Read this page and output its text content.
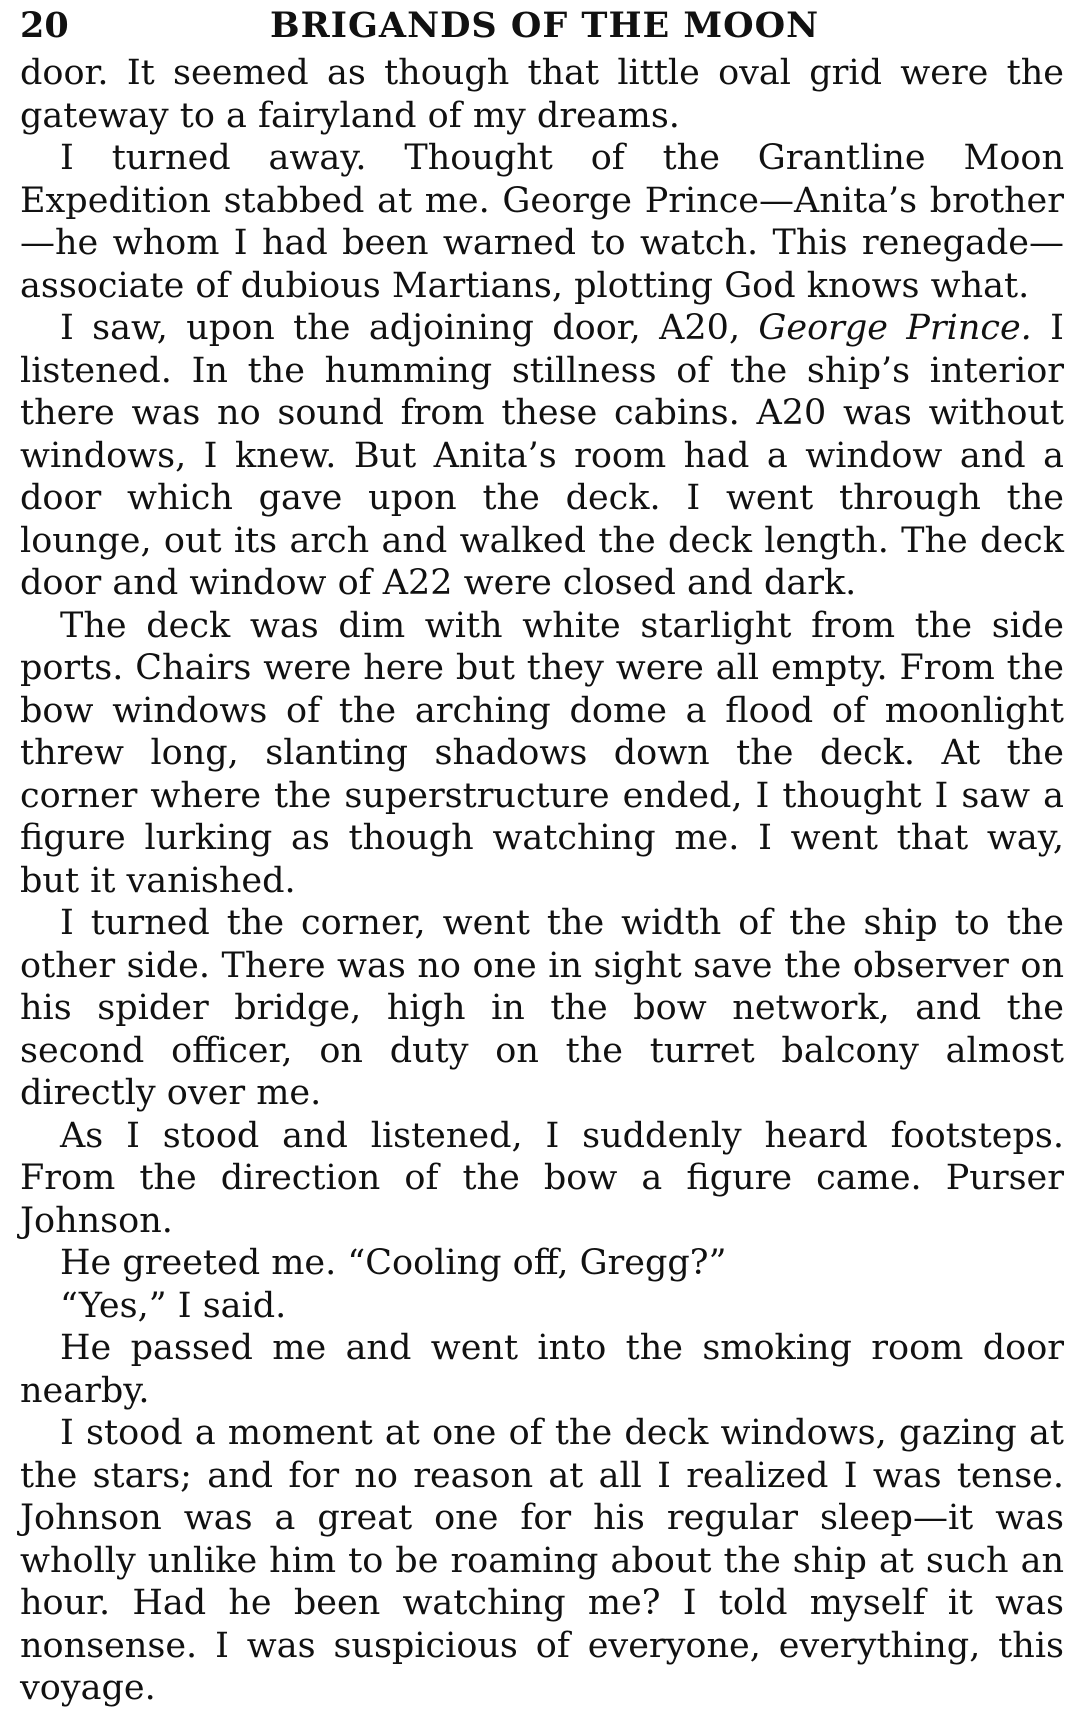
20	BRIGANDS OF THE MOON

door. It seemed as though that little oval grid were the gateway to a fairyland of my dreams.

I turned away. Thought of the Grantline Moon Expedition stabbed at me. George Prince—Anita’s brother—he whom I had been warned to watch. This renegade—associate of dubious Martians, plotting God knows what.

I saw, upon the adjoining door, A20, George Prince. I listened. In the humming stillness of the ship’s interior there was no sound from these cabins. A20 was without windows, I knew. But Anita’s room had a window and a door which gave upon the deck. I went through the lounge, out its arch and walked the deck length. The deck door and window of A22 were closed and dark.

The deck was dim with white starlight from the side ports. Chairs were here but they were all empty. From the bow windows of the arching dome a flood of moonlight threw long, slanting shadows down the deck. At the corner where the superstructure ended, I thought I saw a figure lurking as though watching me. I went that way, but it vanished.

I turned the corner, went the width of the ship to the other side. There was no one in sight save the observer on his spider bridge, high in the bow network, and the second officer, on duty on the turret balcony almost directly over me.

As I stood and listened, I suddenly heard footsteps. From the direction of the bow a figure came. Purser Johnson.

He greeted me. “Cooling off, Gregg?”

“Yes,” I said.

He passed me and went into the smoking room door nearby.

I stood a moment at one of the deck windows, gazing at the stars; and for no reason at all I realized I was tense. Johnson was a great one for his regular sleep—it was wholly unlike him to be roaming about the ship at such an hour. Had he been watching me? I told myself it was nonsense. I was suspicious of everyone, everything, this voyage.
